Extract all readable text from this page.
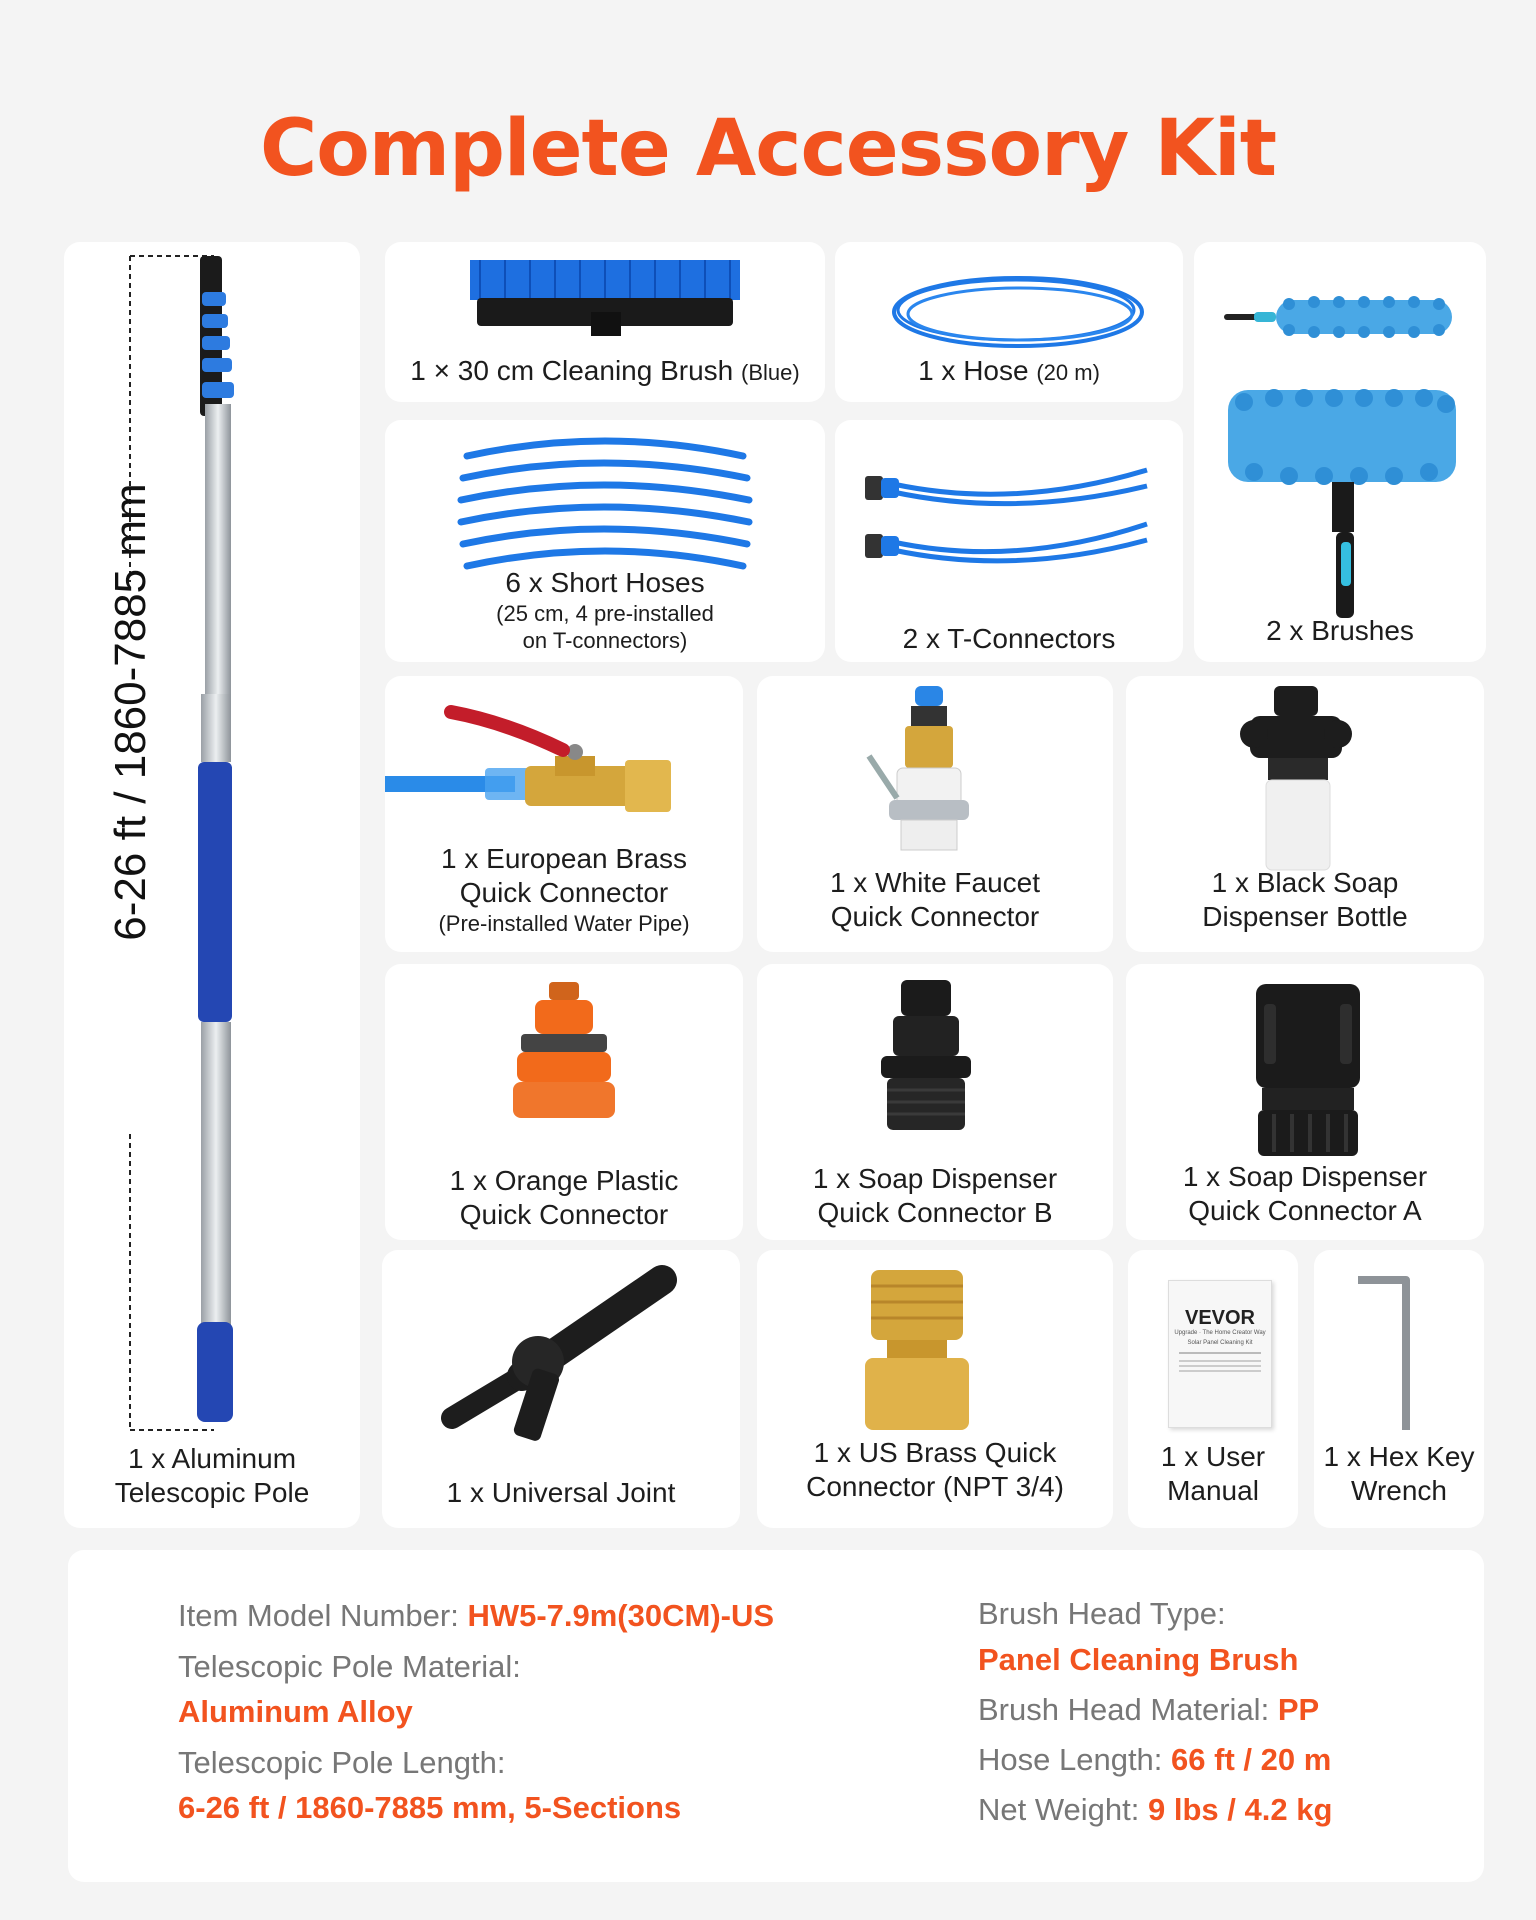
Complete Accessory Kit
6-26 ft / 1860-7885 mm
1 x Aluminum
Telescopic Pole
1 × 30 cm Cleaning Brush (Blue)	1 x Hose (20 m)
2 x Brushes
6 x Short Hoses
(25 cm, 4 pre-installed
on T-connectors)	2 x T-Connectors
1 x European Brass
Quick Connector
(Pre-installed Water Pipe)
1 x White Faucet
Quick Connector
1 x Black Soap
Dispenser Bottle
1 x Orange Plastic
Quick Connector
1 x Soap Dispenser
Quick Connector B
1 x Soap Dispenser
Quick Connector A
1 x Universal Joint
1 x US Brass Quick
Connector (NPT 3/4)
VEVOR
Upgrade · The Home Creator Way
Solar Panel Cleaning Kit
1 x User
Manual
1 x Hex Key
Wrench
Item Model Number: HW5-7.9m(30CM)-US
Telescopic Pole Material:
Aluminum Alloy
Telescopic Pole Length:
6-26 ft / 1860-7885 mm, 5-Sections
Brush Head Type:
Panel Cleaning Brush
Brush Head Material: PP
Hose Length: 66 ft / 20 m
Net Weight: 9 lbs / 4.2 kg
